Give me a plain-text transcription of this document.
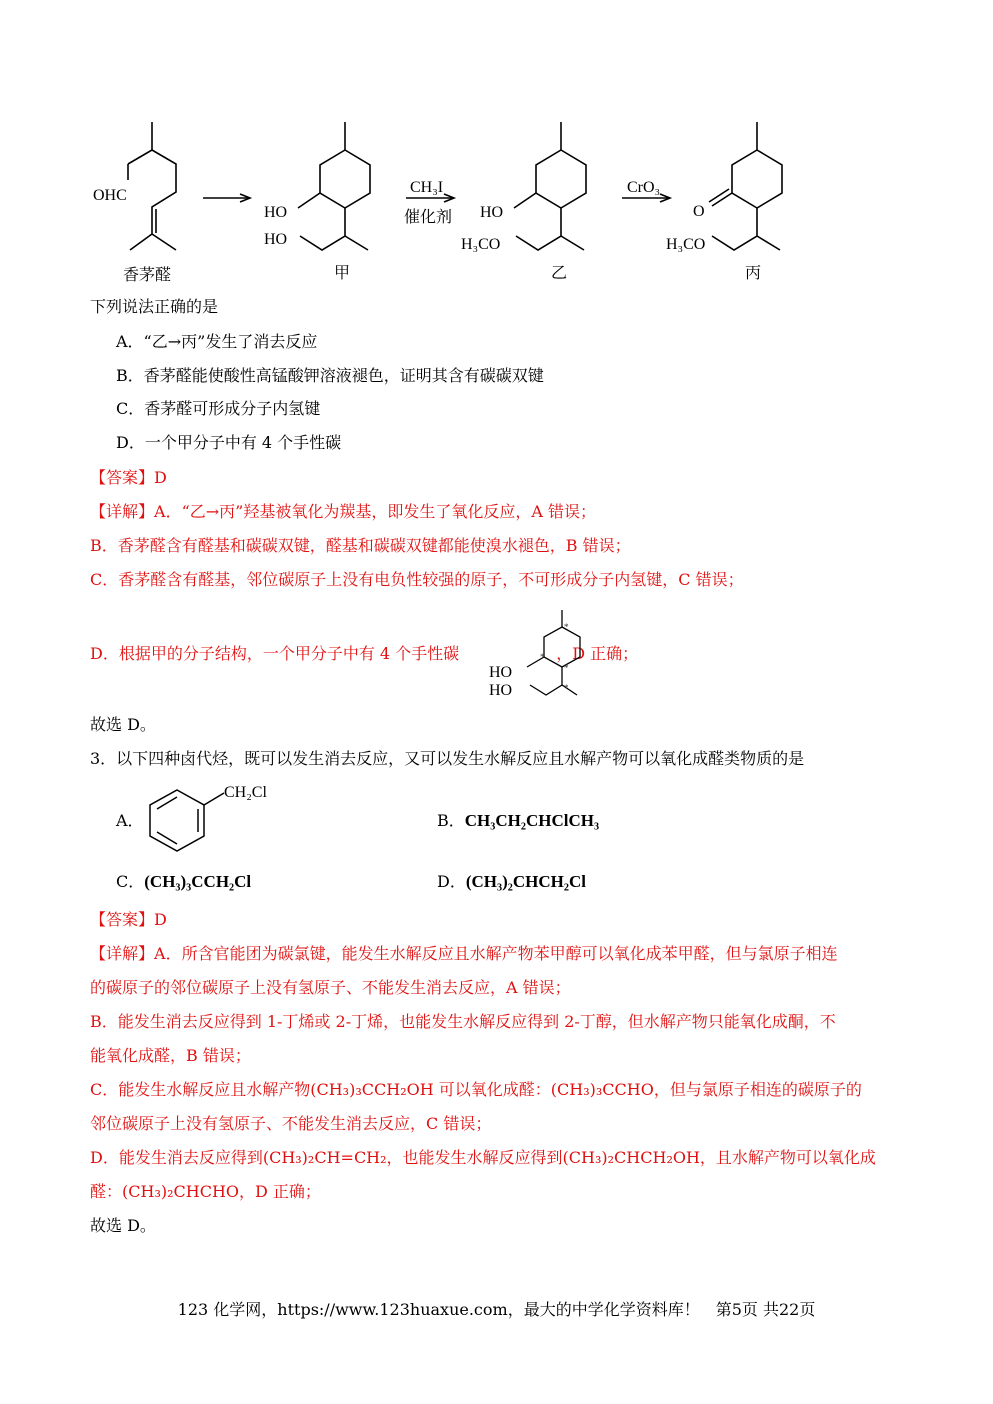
OHC
HO
HO
HO
H₃CO
O
H₃CO
CH₃I
催化剂
CrO₃
香茅醛	甲	乙	丙
下列说法正确的是
A．“乙→丙”发生了消去反应
B．香茅醛能使酸性高锰酸钾溶液褪色，证明其含有碳碳双键
C．香茅醛可形成分子内氢键
D．一个甲分子中有 4 个手性碳
【答案】D
【详解】A．“乙→丙”羟基被氧化为羰基，即发生了氧化反应，A 错误；
B．香茅醛含有醛基和碳碳双键，醛基和碳碳双键都能使溴水褪色，B 错误；
C．香茅醛含有醛基，邻位碳原子上没有电负性较强的原子，不可形成分子内氢键，C 错误；
D．根据甲的分子结构，一个甲分子中有 4 个手性碳	，D 正确；
*
*
*
*
HO
HO
故选 D。
3．以下四种卤代烃，既可以发生消去反应，又可以发生水解反应且水解产物可以氧化成醛类物质的是
A．
CH₂Cl
B．CH₃CH₂CHClCH₃
C．(CH₃)₃CCH₂Cl	D．(CH₃)₂CHCH₂Cl
【答案】D
【详解】A．所含官能团为碳氯键，能发生水解反应且水解产物苯甲醇可以氧化成苯甲醛，但与氯原子相连
的碳原子的邻位碳原子上没有氢原子、不能发生消去反应，A 错误；
B．能发生消去反应得到 1-丁烯或 2-丁烯，也能发生水解反应得到 2-丁醇，但水解产物只能氧化成酮，不
能氧化成醛，B 错误；
C．能发生水解反应且水解产物(CH₃)₃CCH₂OH 可以氧化成醛：(CH₃)₃CCHO，但与氯原子相连的碳原子的
邻位碳原子上没有氢原子、不能发生消去反应，C 错误；
D．能发生消去反应得到(CH₃)₂CH=CH₂，也能发生水解反应得到(CH₃)₂CHCH₂OH，且水解产物可以氧化成
醛：(CH₃)₂CHCHO，D 正确；
故选 D。
123 化学网，https://www.123huaxue.com，最大的中学化学资料库！　第5页 共22页
